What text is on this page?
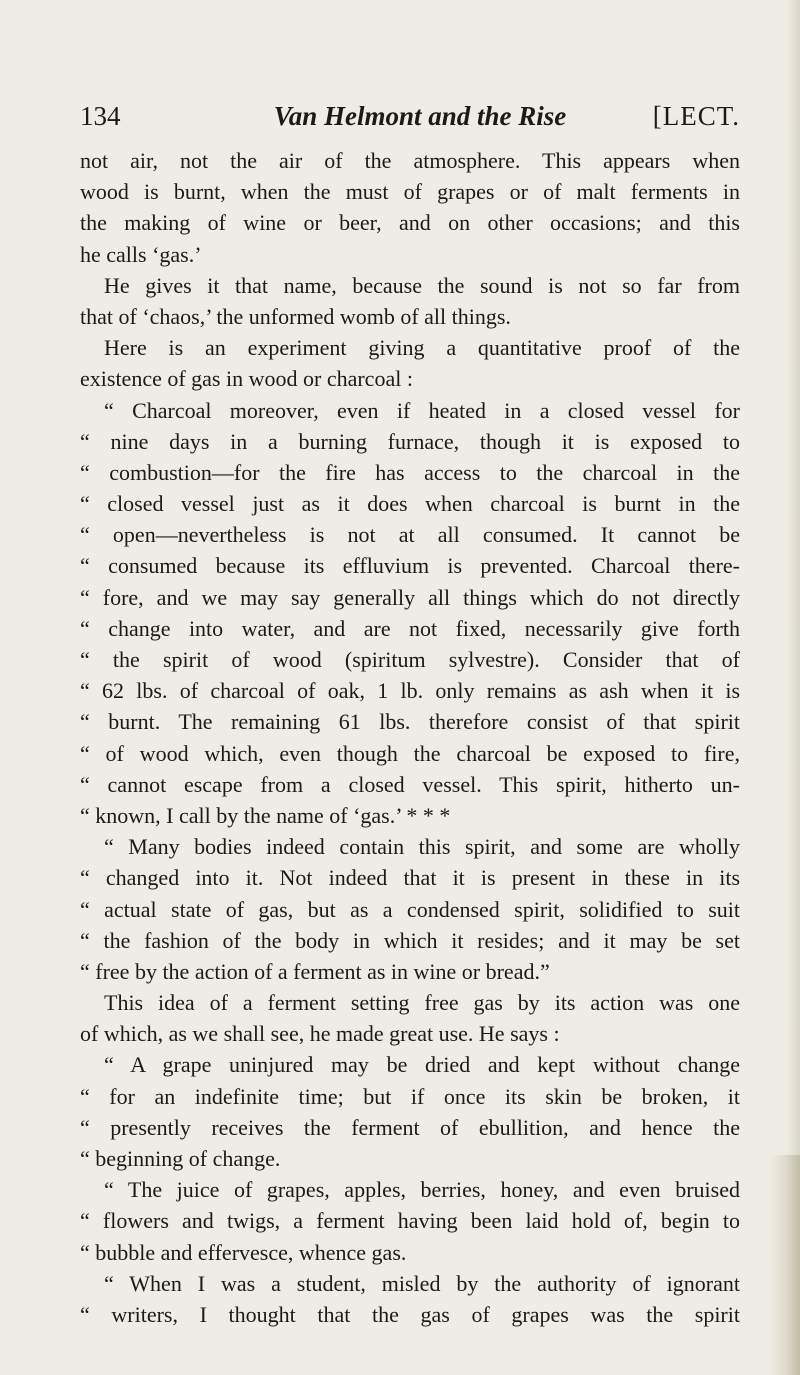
134	Van Helmont and the Rise	[LECT.
not air, not the air of the atmosphere. This appears when
wood is burnt, when the must of grapes or of malt ferments in
the making of wine or beer, and on other occasions; and this
he calls ‘gas.’
He gives it that name, because the sound is not so far from
that of ‘chaos,’ the unformed womb of all things.
Here is an experiment giving a quantitative proof of the
existence of gas in wood or charcoal :
“ Charcoal moreover, even if heated in a closed vessel for
“ nine days in a burning furnace, though it is exposed to
“ combustion—for the fire has access to the charcoal in the
“ closed vessel just as it does when charcoal is burnt in the
“ open—nevertheless is not at all consumed. It cannot be
“ consumed because its effluvium is prevented. Charcoal there-
“ fore, and we may say generally all things which do not directly
“ change into water, and are not fixed, necessarily give forth
“ the spirit of wood (spiritum sylvestre). Consider that of
“ 62 lbs. of charcoal of oak, 1 lb. only remains as ash when it is
“ burnt. The remaining 61 lbs. therefore consist of that spirit
“ of wood which, even though the charcoal be exposed to fire,
“ cannot escape from a closed vessel. This spirit, hitherto un-
“ known, I call by the name of ‘gas.’ * * *
“ Many bodies indeed contain this spirit, and some are wholly
“ changed into it. Not indeed that it is present in these in its
“ actual state of gas, but as a condensed spirit, solidified to suit
“ the fashion of the body in which it resides; and it may be set
“ free by the action of a ferment as in wine or bread.”
This idea of a ferment setting free gas by its action was one
of which, as we shall see, he made great use. He says :
“ A grape uninjured may be dried and kept without change
“ for an indefinite time; but if once its skin be broken, it
“ presently receives the ferment of ebullition, and hence the
“ beginning of change.
“ The juice of grapes, apples, berries, honey, and even bruised
“ flowers and twigs, a ferment having been laid hold of, begin to
“ bubble and effervesce, whence gas.
“ When I was a student, misled by the authority of ignorant
“ writers, I thought that the gas of grapes was the spirit
